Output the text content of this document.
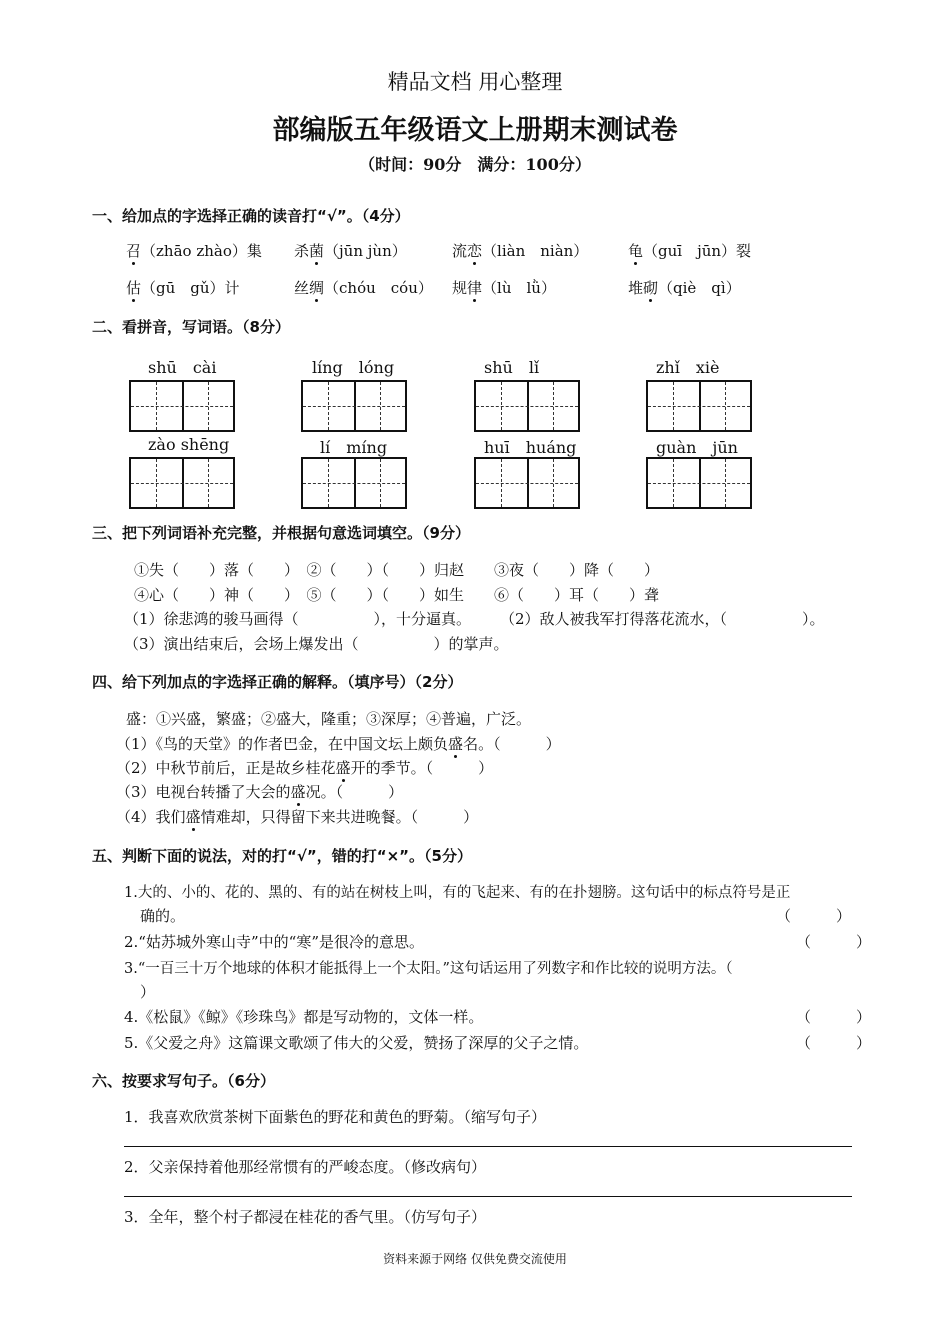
精品文档 用心整理
部编版五年级语文上册期末测试卷
（时间：90分　满分：100分）
一、给加点的字选择正确的读音打“√”。（4分）
召（zhāo zhào）集 杀菌（jūn jùn）	流恋（liàn　niàn）	龟（guī　jūn）裂
估（gū　gǔ）计	丝绸（chóu　cóu） 规律（lù　lǜ）	堆砌（qiè　qì）
二、看拼音，写词语。（8分）
shū　cài	líng　lóng	shū　lǐ	zhǐ　xiè
zào shēng	lí　míng	huī　huáng	guàn　jūn
三、把下列词语补充完整，并根据句意选词填空。（9分）
①失（　　）落（　　）　②（　　）（　　）归赵　　③夜（　　）降（　　）
④心（　　）神（　　）　⑤（　　）（　　）如生　　⑥（　　）耳（　　）聋
（1）徐悲鸿的骏马画得（　　　　　），十分逼真。 （2）敌人被我军打得落花流水，（　　　　　）。
（3）演出结束后，会场上爆发出（　　　　　）的掌声。
四、给下列加点的字选择正确的解释。（填序号）（2分）
盛：①兴盛，繁盛；②盛大，隆重；③深厚；④普遍，广泛。
（1）《鸟的天堂》的作者巴金，在中国文坛上颇负盛名。（　　　）
（2）中秋节前后，正是故乡桂花盛开的季节。（　　　）
（3）电视台转播了大会的盛况。（　　　）
（4）我们盛情难却，只得留下来共进晚餐。（　　　）
五、判断下面的说法，对的打“√”，错的打“×”。（5分）
1.大的、小的、花的、黑的、有的站在树枝上叫，有的飞起来、有的在扑翅膀。这句话中的标点符号是正
确的。	（　　　）
2.“姑苏城外寒山寺”中的“寒”是很冷的意思。	（　　　）
3.“一百三十万个地球的体积才能抵得上一个太阳。”这句话运用了列数字和作比较的说明方法。（
）
4.《松鼠》《鲸》《珍珠鸟》都是写动物的，文体一样。	（　　　）
5.《父爱之舟》这篇课文歌颂了伟大的父爱，赞扬了深厚的父子之情。	（　　　）
六、按要求写句子。（6分）
1．我喜欢欣赏茶树下面紫色的野花和黄色的野菊。（缩写句子）
2．父亲保持着他那经常惯有的严峻态度。（修改病句）
3．全年，整个村子都浸在桂花的香气里。（仿写句子）
资料来源于网络 仅供免费交流使用
